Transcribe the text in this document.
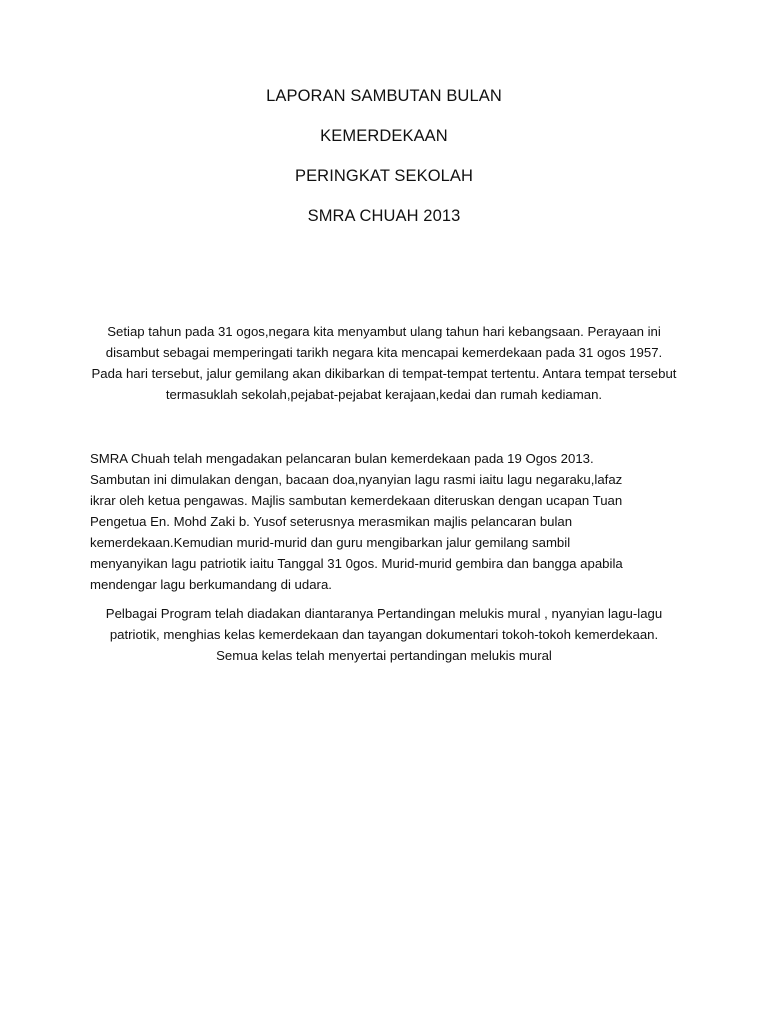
LAPORAN SAMBUTAN BULAN
KEMERDEKAAN
PERINGKAT SEKOLAH
SMRA CHUAH 2013

Setiap tahun pada 31 ogos,negara kita menyambut ulang tahun hari kebangsaan. Perayaan ini disambut sebagai memperingati tarikh negara kita mencapai kemerdekaan pada 31 ogos 1957. Pada hari tersebut, jalur gemilang akan dikibarkan di tempat-tempat tertentu. Antara tempat tersebut termasuklah sekolah,pejabat-pejabat kerajaan,kedai dan rumah kediaman.

SMRA Chuah telah mengadakan pelancaran bulan kemerdekaan pada 19 Ogos 2013. Sambutan ini dimulakan dengan, bacaan doa,nyanyian lagu rasmi iaitu lagu negaraku,lafaz ikrar oleh ketua pengawas. Majlis sambutan kemerdekaan diteruskan dengan ucapan Tuan Pengetua En. Mohd Zaki b. Yusof seterusnya merasmikan majlis pelancaran bulan kemerdekaan.Kemudian murid-murid dan guru mengibarkan jalur gemilang sambil menyanyikan lagu patriotik iaitu Tanggal 31 0gos. Murid-murid gembira dan bangga apabila mendengar lagu berkumandang di udara.

Pelbagai Program telah diadakan diantaranya Pertandingan melukis mural , nyanyian lagu-lagu patriotik, menghias kelas kemerdekaan dan tayangan dokumentari tokoh-tokoh kemerdekaan. Semua kelas telah menyertai pertandingan melukis mural
